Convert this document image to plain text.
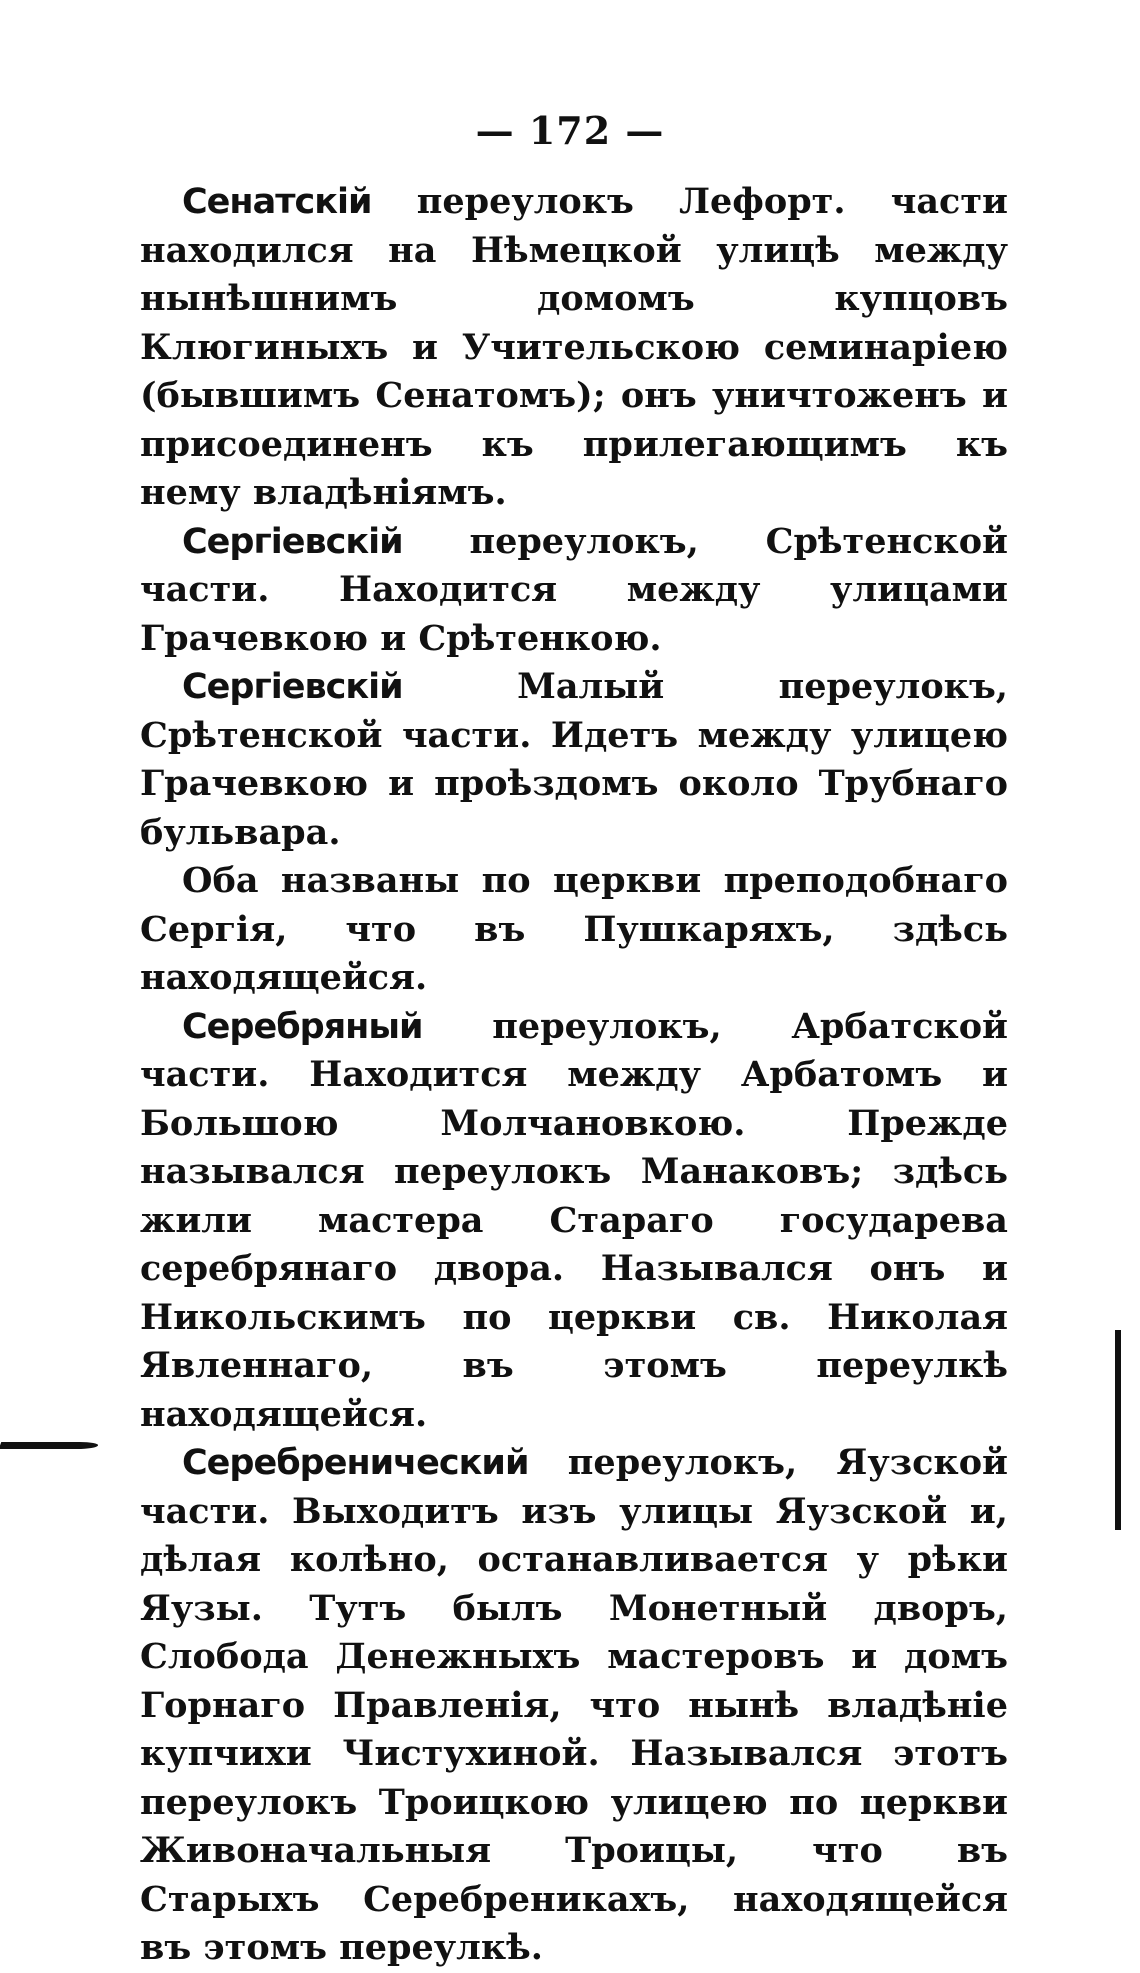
— 172 —

Сенатскій переулокъ Лефорт. части находился на Нѣмецкой улицѣ между нынѣшнимъ домомъ купцовъ Клюгиныхъ и Учительскою семинаріею (бывшимъ Сенатомъ); онъ уничтоженъ и присоединенъ къ прилегающимъ къ нему владѣніямъ.

Сергіевскій переулокъ, Срѣтенской части. Находится между улицами Грачевкою и Срѣтенкою.

Сергіевскій Малый переулокъ, Срѣтенской части. Идетъ между улицею Грачевкою и проѣздомъ около Трубнаго бульвара.

Оба названы по церкви преподобнаго Сергія, что въ Пушкаряхъ, здѣсь находящейся.

Серебряный переулокъ, Арбатской части. Находится между Арбатомъ и Большою Молчановкою. Прежде назывался переулокъ Манаковъ; здѣсь жили мастера Стараго государева серебрянаго двора. Назывался онъ и Никольскимъ по церкви св. Николая Явленнаго, въ этомъ переулкѣ находящейся.

Серебренический переулокъ, Яузской части. Выходитъ изъ улицы Яузской и, дѣлая колѣно, останавливается у рѣки Яузы. Тутъ былъ Монетный дворъ, Слобода Денежныхъ мастеровъ и домъ Горнаго Правленія, что нынѣ владѣніе купчихи Чистухиной. Назывался этотъ переулокъ Троицкою улицею по церкви Живоначальныя Троицы, что въ Старыхъ Серебреникахъ, находящейся въ этомъ переулкѣ.
